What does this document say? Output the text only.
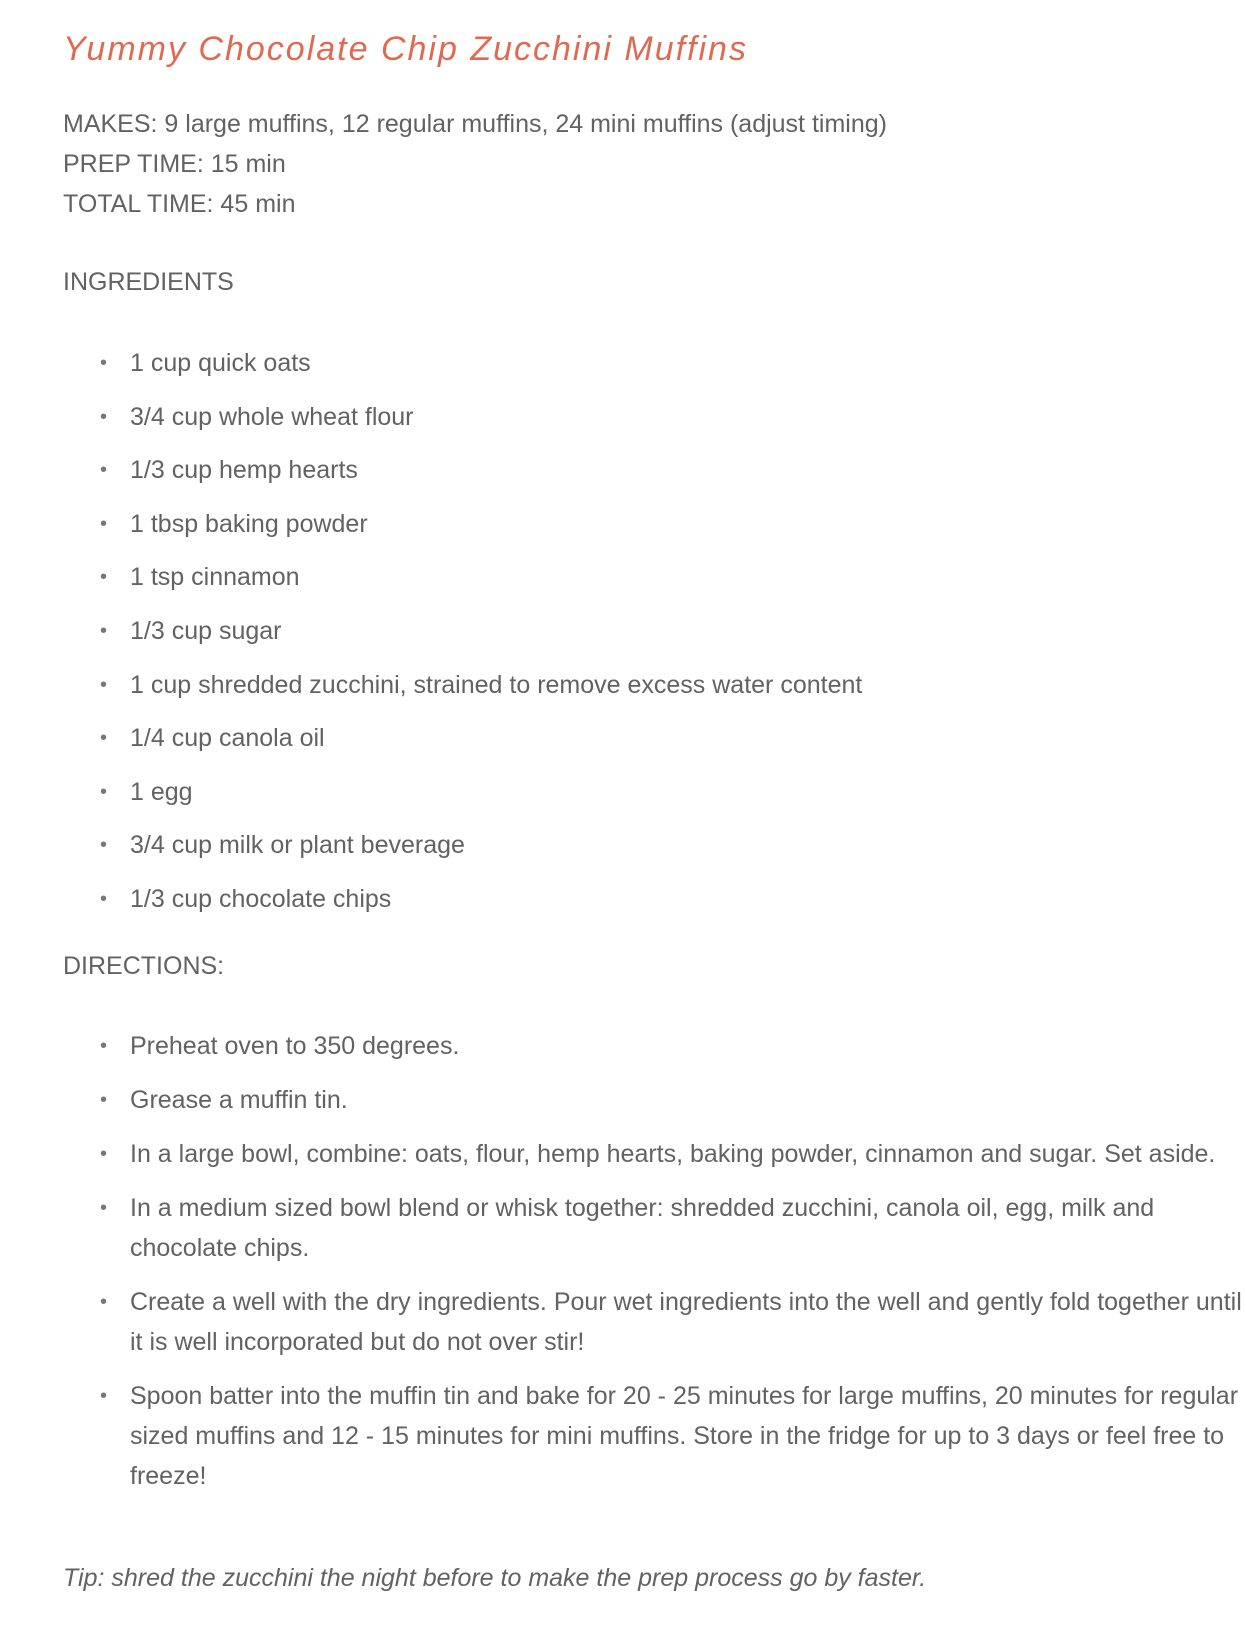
Yummy Chocolate Chip Zucchini Muffins
MAKES: 9 large muffins, 12 regular muffins, 24 mini muffins (adjust timing)
PREP TIME: 15 min
TOTAL TIME: 45 min
INGREDIENTS
• 1 cup quick oats
• 3/4 cup whole wheat flour
• 1/3 cup hemp hearts
• 1 tbsp baking powder
• 1 tsp cinnamon
• 1/3 cup sugar
• 1 cup shredded zucchini, strained to remove excess water content
• 1/4 cup canola oil
• 1 egg
• 3/4 cup milk or plant beverage
• 1/3 cup chocolate chips
DIRECTIONS:
• Preheat oven to 350 degrees.
• Grease a muffin tin.
• In a large bowl, combine: oats, flour, hemp hearts, baking powder, cinnamon and sugar. Set aside.
• In a medium sized bowl blend or whisk together: shredded zucchini, canola oil, egg, milk and chocolate chips.
• Create a well with the dry ingredients. Pour wet ingredients into the well and gently fold together until it is well incorporated but do not over stir!
• Spoon batter into the muffin tin and bake for 20 - 25 minutes for large muffins, 20 minutes for regular sized muffins and 12 - 15 minutes for mini muffins. Store in the fridge for up to 3 days or feel free to freeze!
Tip: shred the zucchini the night before to make the prep process go by faster.
